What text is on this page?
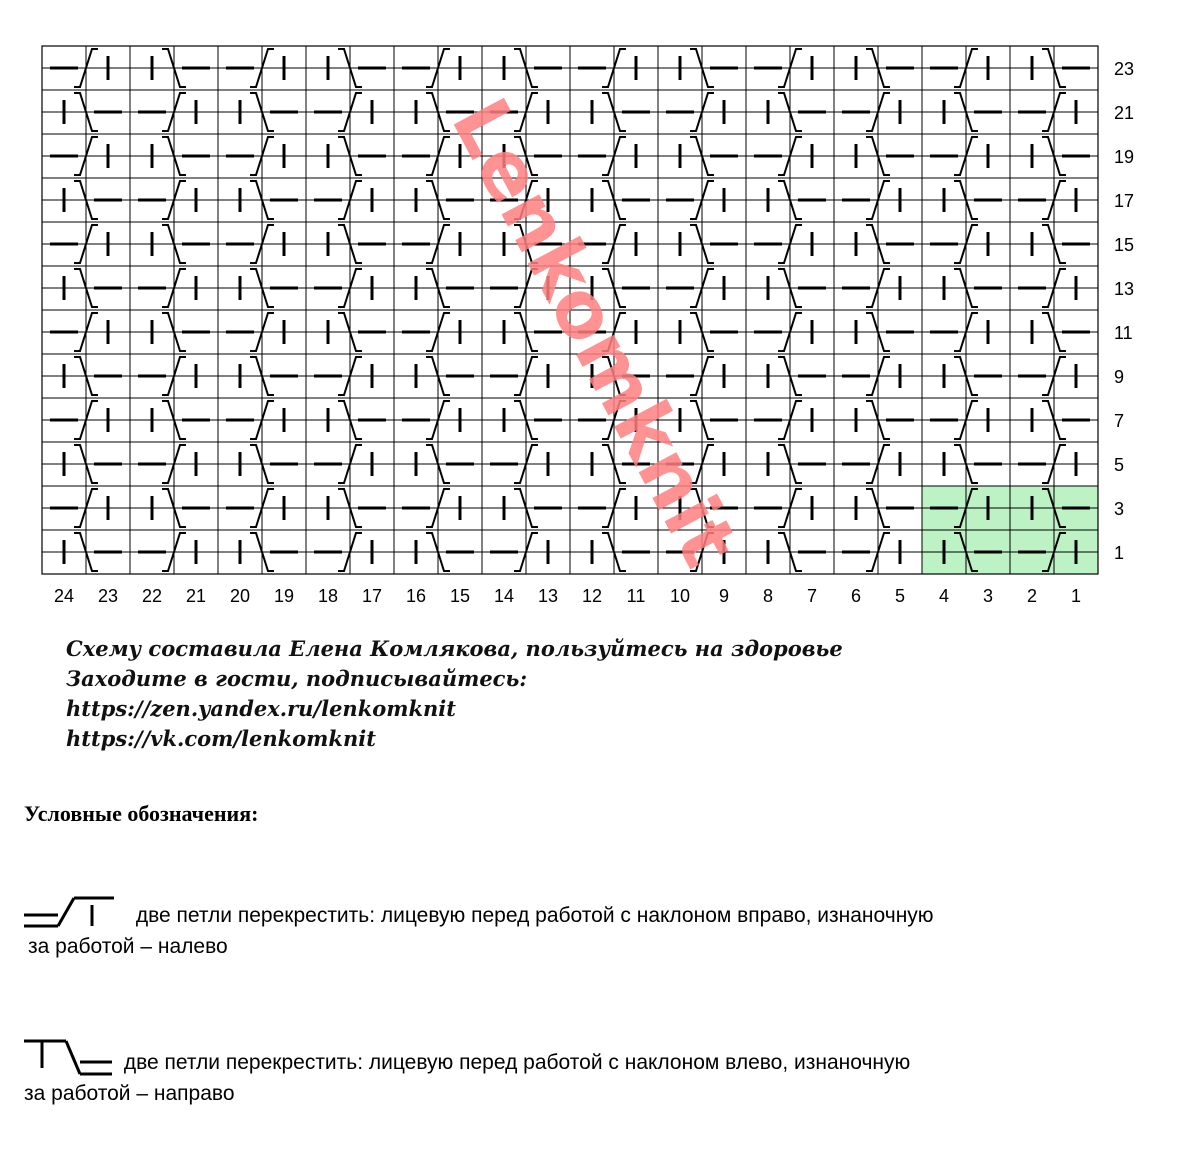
1
3
5
7
9
11
13
15
17
19
21
23
24 23 22 21 20 19 18 17 16 15 14 13 12 11 10 9 8 7 6 5 4 3 2 1
Lenkomknit
Схему составила Елена Комлякова, пользуйтесь на здоровье
Заходите в гости, подписывайтесь:
https://zen.yandex.ru/lenkomknit
https://vk.com/lenkomknit
Условные обозначения:
две петли перекрестить: лицевую перед работой с наклоном вправо, изнаночную
за работой – налево
две петли перекрестить: лицевую перед работой с наклоном влево, изнаночную
за работой – направо
